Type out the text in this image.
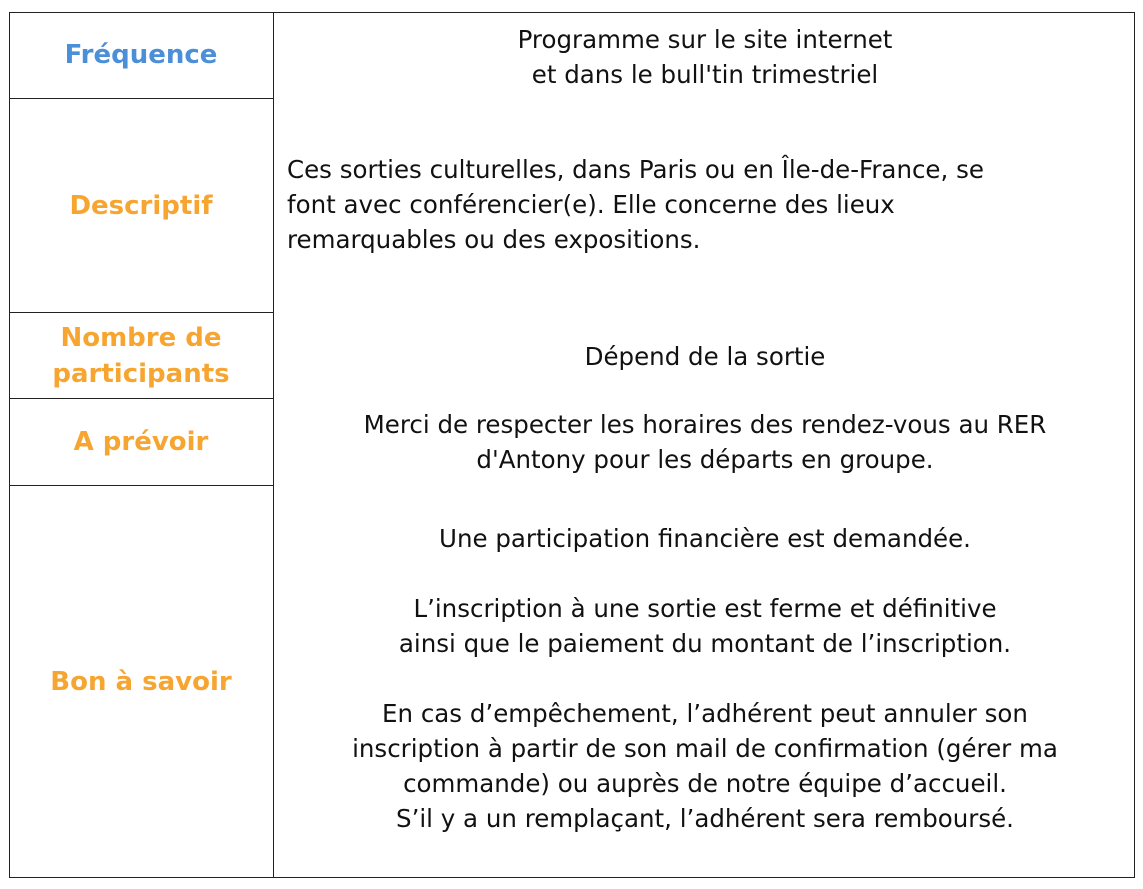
Fréquence
Descriptif
Nombre de
participants
A prévoir
Bon à savoir
Programme sur le site internet
et dans le bull'tin trimestriel
Ces sorties culturelles, dans Paris ou en Île-de-France, se
font avec conférencier(e). Elle concerne des lieux
remarquables ou des expositions.
Dépend de la sortie
Merci de respecter les horaires des rendez-vous au RER
d'Antony pour les départs en groupe.
Une participation financière est demandée.

L’inscription à une sortie est ferme et définitive
ainsi que le paiement du montant de l’inscription.

En cas d’empêchement, l’adhérent peut annuler son
inscription à partir de son mail de confirmation (gérer ma
commande) ou auprès de notre équipe d’accueil.
S’il y a un remplaçant, l’adhérent sera remboursé.
